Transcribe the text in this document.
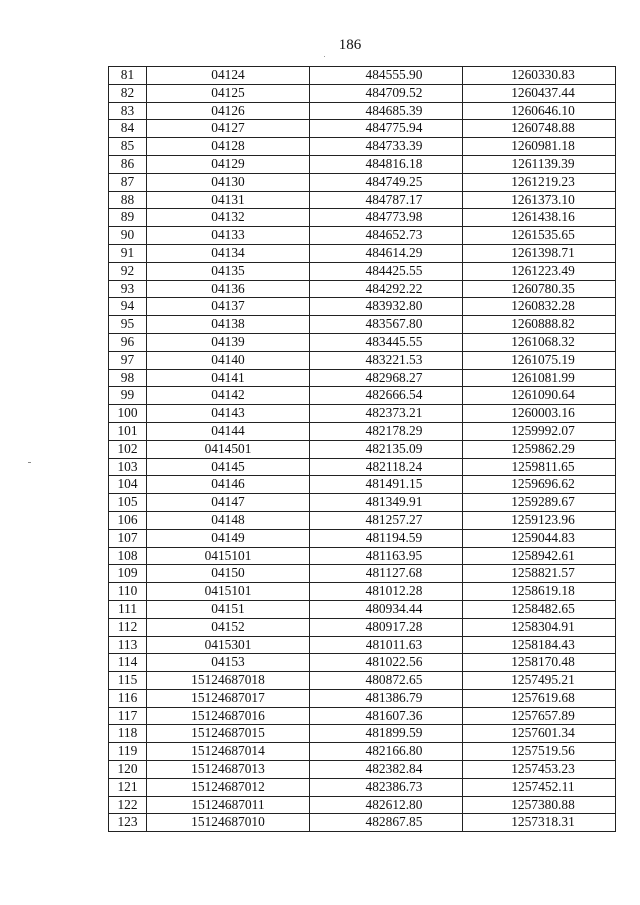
186
81	04124	484555.90	1260330.83
82	04125	484709.52	1260437.44
83	04126	484685.39	1260646.10
84	04127	484775.94	1260748.88
85	04128	484733.39	1260981.18
86	04129	484816.18	1261139.39
87	04130	484749.25	1261219.23
88	04131	484787.17	1261373.10
89	04132	484773.98	1261438.16
90	04133	484652.73	1261535.65
91	04134	484614.29	1261398.71
92	04135	484425.55	1261223.49
93	04136	484292.22	1260780.35
94	04137	483932.80	1260832.28
95	04138	483567.80	1260888.82
96	04139	483445.55	1261068.32
97	04140	483221.53	1261075.19
98	04141	482968.27	1261081.99
99	04142	482666.54	1261090.64
100	04143	482373.21	1260003.16
101	04144	482178.29	1259992.07
102	0414501	482135.09	1259862.29
103	04145	482118.24	1259811.65
104	04146	481491.15	1259696.62
105	04147	481349.91	1259289.67
106	04148	481257.27	1259123.96
107	04149	481194.59	1259044.83
108	0415101	481163.95	1258942.61
109	04150	481127.68	1258821.57
110	0415101	481012.28	1258619.18
111	04151	480934.44	1258482.65
112	04152	480917.28	1258304.91
113	0415301	481011.63	1258184.43
114	04153	481022.56	1258170.48
115	15124687018	480872.65	1257495.21
116	15124687017	481386.79	1257619.68
117	15124687016	481607.36	1257657.89
118	15124687015	481899.59	1257601.34
119	15124687014	482166.80	1257519.56
120	15124687013	482382.84	1257453.23
121	15124687012	482386.73	1257452.11
122	15124687011	482612.80	1257380.88
123	15124687010	482867.85	1257318.31
